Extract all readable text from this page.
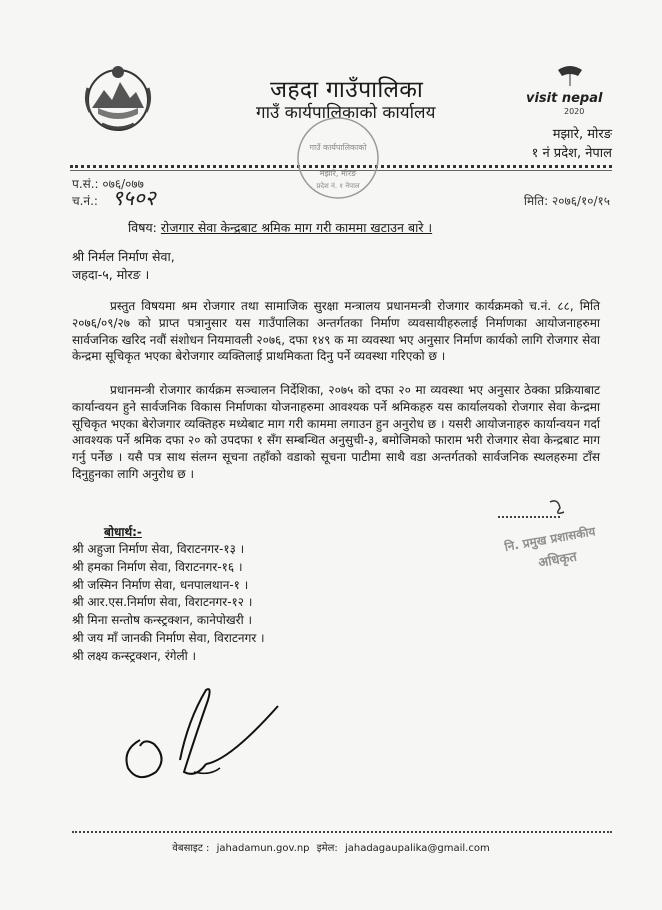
जहदा गाउँपालिका
गाउँ कार्यपालिकाको कार्यालय
visit nepal
2020
मझारे, मोरङ
१ नं प्रदेश, नेपाल
गाउँ कार्यपालिकाको
मझारे, मोरङ
प्रदेश नं. १ नेपाल
प.सं.: ०७६/०७७
च.नं.: ९५०२	मिति: २०७६/१०/१५
विषय: रोजगार सेवा केन्द्रबाट श्रमिक माग गरी काममा खटाउन बारे ।
श्री निर्मल निर्माण सेवा,
जहदा-५, मोरङ ।

प्रस्तुत विषयमा श्रम रोजगार तथा सामाजिक सुरक्षा मन्त्रालय प्रधानमन्त्री रोजगार कार्यक्रमको च.नं. ८८, मिति २०७६/०९/२७ को प्राप्त पत्रानुसार यस गाउँपालिका अन्तर्गतका निर्माण व्यवसायीहरुलाई निर्माणका आयोजनाहरुमा सार्वजनिक खरिद नवौं संशोधन नियमावली २०७६, दफा १४९ क मा व्यवस्था भए अनुसार निर्माण कार्यको लागि रोजगार सेवा केन्द्रमा सूचिकृत भएका बेरोजगार व्यक्तिलाई प्राथमिकता दिनु पर्ने व्यवस्था गरिएको छ ।

प्रधानमन्त्री रोजगार कार्यक्रम सञ्चालन निर्देशिका, २०७५ को दफा २० मा व्यवस्था भए अनुसार ठेक्का प्रक्रियाबाट कार्यान्वयन हुने सार्वजनिक विकास निर्माणका योजनाहरुमा आवश्यक पर्ने श्रमिकहरु यस कार्यालयको रोजगार सेवा केन्द्रमा सूचिकृत भएका बेरोजगार व्यक्तिहरु मध्येबाट माग गरी काममा लगाउन हुन अनुरोध छ । यसरी आयोजनाहरु कार्यान्वयन गर्दा आवश्यक पर्ने श्रमिक दफा २० को उपदफा १ सँग सम्बन्धित अनुसुची-३, बमोजिमको फाराम भरी रोजगार सेवा केन्द्रबाट माग गर्नु पर्नेछ । यसै पत्र साथ संलग्न सूचना तहाँको वडाको सूचना पाटीमा साथै वडा अन्तर्गतको सार्वजनिक स्थलहरुमा टाँस दिनुहुनका लागि अनुरोध छ ।

नि. प्रमुख प्रशासकीय
अधिकृत
बोधार्थ:-
श्री अहुजा निर्माण सेवा, विराटनगर-१३ ।
श्री हमका निर्माण सेवा, विराटनगर-१६ ।
श्री जस्मिन निर्माण सेवा, धनपालथान-१ ।
श्री आर.एस.निर्माण सेवा, विराटनगर-१२ ।
श्री मिना सन्तोष कन्स्ट्रक्शन, कानेपोखरी ।
श्री जय माँ जानकी निर्माण सेवा, विराटनगर ।
श्री लक्ष्य कन्स्ट्रक्शन, रंगेली ।
वेबसाइट : jahadamun.gov.np इमेल: jahadagaupalika@gmail.com
